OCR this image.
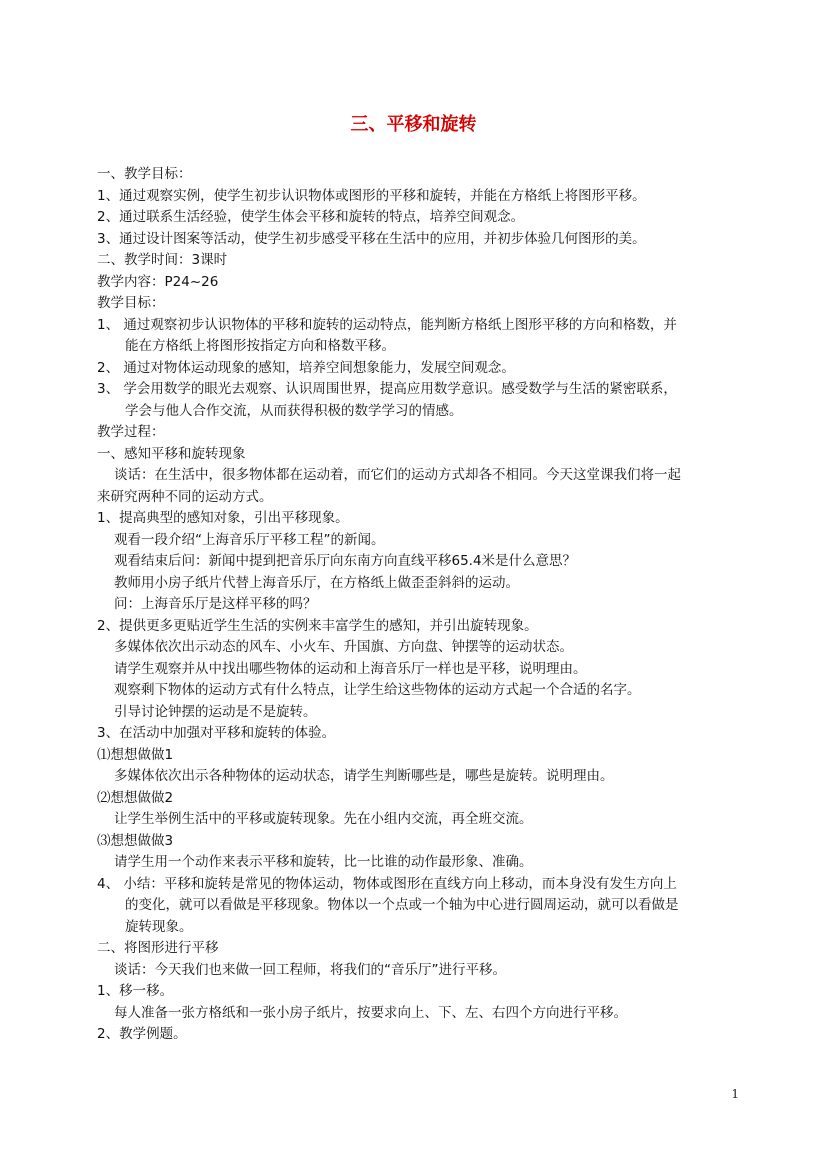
三、平移和旋转
一、教学目标：
1、通过观察实例，使学生初步认识物体或图形的平移和旋转，并能在方格纸上将图形平移。
2、通过联系生活经验，使学生体会平移和旋转的特点，培养空间观念。
3、通过设计图案等活动，使学生初步感受平移在生活中的应用，并初步体验几何图形的美。
二、教学时间：3课时
教学内容：P24~26
教学目标：
1、 通过观察初步认识物体的平移和旋转的运动特点，能判断方格纸上图形平移的方向和格数，并
能在方格纸上将图形按指定方向和格数平移。
2、 通过对物体运动现象的感知，培养空间想象能力，发展空间观念。
3、 学会用数学的眼光去观察、认识周围世界，提高应用数学意识。感受数学与生活的紧密联系，
学会与他人合作交流，从而获得积极的数学学习的情感。
教学过程：
一、感知平移和旋转现象
谈话：在生活中，很多物体都在运动着，而它们的运动方式却各不相同。今天这堂课我们将一起
来研究两种不同的运动方式。
1、提高典型的感知对象，引出平移现象。
观看一段介绍“上海音乐厅平移工程”的新闻。
观看结束后问：新闻中提到把音乐厅向东南方向直线平移65.4米是什么意思？
教师用小房子纸片代替上海音乐厅，在方格纸上做歪歪斜斜的运动。
问：上海音乐厅是这样平移的吗？
2、提供更多更贴近学生生活的实例来丰富学生的感知，并引出旋转现象。
多媒体依次出示动态的风车、小火车、升国旗、方向盘、钟摆等的运动状态。
请学生观察并从中找出哪些物体的运动和上海音乐厅一样也是平移，说明理由。
观察剩下物体的运动方式有什么特点，让学生给这些物体的运动方式起一个合适的名字。
引导讨论钟摆的运动是不是旋转。
3、在活动中加强对平移和旋转的体验。
⑴想想做做1
多媒体依次出示各种物体的运动状态，请学生判断哪些是，哪些是旋转。说明理由。
⑵想想做做2
让学生举例生活中的平移或旋转现象。先在小组内交流，再全班交流。
⑶想想做做3
请学生用一个动作来表示平移和旋转，比一比谁的动作最形象、准确。
4、 小结：平移和旋转是常见的物体运动，物体或图形在直线方向上移动，而本身没有发生方向上
的变化，就可以看做是平移现象。物体以一个点或一个轴为中心进行圆周运动，就可以看做是
旋转现象。
二、将图形进行平移
谈话：今天我们也来做一回工程师，将我们的“音乐厅”进行平移。
1、移一移。
每人准备一张方格纸和一张小房子纸片，按要求向上、下、左、右四个方向进行平移。
2、教学例题。
1
